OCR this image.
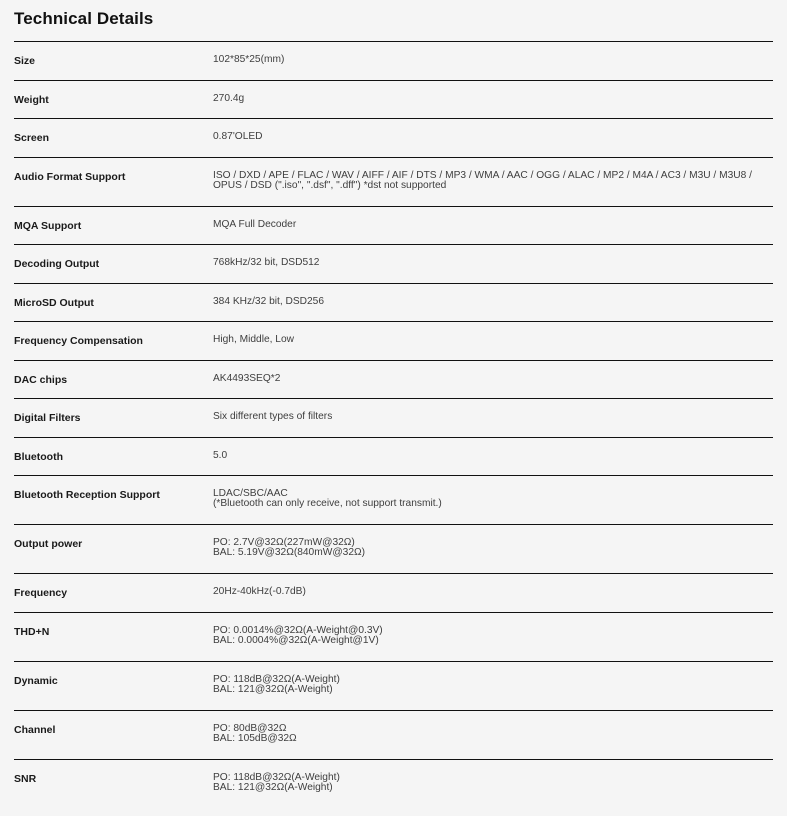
Technical Details
Size	102*85*25(mm)
Weight	270.4g
Screen	0.87'OLED
Audio Format Support	ISO / DXD / APE / FLAC / WAV / AIFF / AIF / DTS / MP3 / WMA / AAC / OGG / ALAC / MP2 / M4A / AC3 / M3U / M3U8 /
OPUS / DSD (".iso", ".dsf", ".dff") *dst not supported
MQA Support	MQA Full Decoder
Decoding Output	768kHz/32 bit, DSD512
MicroSD Output	384 KHz/32 bit, DSD256
Frequency Compensation	High, Middle, Low
DAC chips	AK4493SEQ*2
Digital Filters	Six different types of filters
Bluetooth	5.0
Bluetooth Reception Support	LDAC/SBC/AAC
(*Bluetooth can only receive, not support transmit.)
Output power	PO: 2.7V@32Ω(227mW@32Ω)
BAL: 5.19V@32Ω(840mW@32Ω)
Frequency	20Hz-40kHz(-0.7dB)
THD+N	PO: 0.0014%@32Ω(A-Weight@0.3V)
BAL: 0.0004%@32Ω(A-Weight@1V)
Dynamic	PO: 118dB@32Ω(A-Weight)
BAL: 121@32Ω(A-Weight)
Channel	PO: 80dB@32Ω
BAL: 105dB@32Ω
SNR	PO: 118dB@32Ω(A-Weight)
BAL: 121@32Ω(A-Weight)
